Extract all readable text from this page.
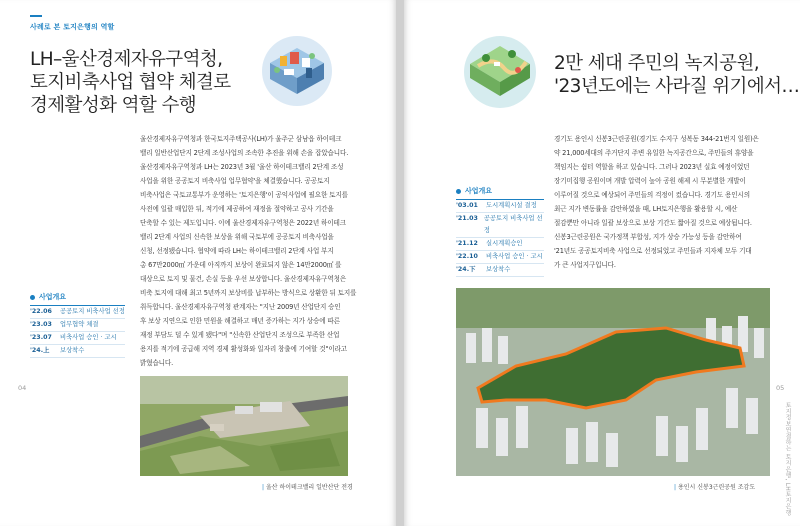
사례로 본 토지은행의 역할
LH–울산경제자유구역청,
토지비축사업 협약 체결로
경제활성화 역할 수행

울산경제자유구역청과 한국토지주택공사(LH)가 울주군 삼남읍 하이테크

밸리 일반산업단지 2단계 조성사업의 조속한 추진을 위해 손을 잡았습니다.

울산경제자유구역청과 LH는 2023년 3월 '울산 하이테크밸리 2단계 조성

사업을 위한 공공토지 비축사업 업무협약'을 체결했습니다. 공공토지

비축사업은 국토교통부가 운영하는 '토지은행'이 공익사업에 필요한 토지를

사전에 일괄 매입한 뒤, 적기에 제공하여 재정을 절약하고 공사 기간을

단축할 수 있는 제도입니다. 이에 울산경제자유구역청은 2022년 하이테크

밸리 2단계 사업의 신속한 보상을 위해 국토부에 공공토지 비축사업을

신청, 선정됐습니다. 협약에 따라 LH는 하이테크밸리 2단계 사업 부지

총 67만2000㎡ 가운데 아직까지 보상이 완료되지 않은 14만2000㎡ 를

대상으로 토지 및 물건, 손실 등을 우선 보상합니다. 울산경제자유구역청은

비축 토지에 대해 최고 5년까지 보상비를 납부하는 방식으로 상환한 뒤 토지를

취득합니다. 울산경제자유구역청 관계자는 "지난 2009년 산업단지 승인

후 보상 지연으로 인한 민원을 해결하고 매년 증가하는 지가 상승에 따른

재정 부담도 덜 수 있게 됐다"며 "신속한 산업단지 조성으로 부족한 산업

용지를 적기에 공급해 지역 경제 활성화와 일자리 창출에 기여할 것"이라고

밝혔습니다.

사업개요
'22.06	공공토지 비축사업 선정
'23.03	업무협약 체결
'23.07	비축사업 승인 · 고시
'24.上	보상착수
04
| 울산 하이테크밸리 일반산단 전경
2만 세대 주민의 녹지공원,
'23년도에는 사라질 위기에서…

경기도 용인시 신봉3근린공원(경기도 수지구 성복동 344-21번지 일원)은

약 21,000세대의 주거단지 주변 유일한 녹지공간으로, 주민들의 휴양을

책임지는 쉼터 역할을 하고 있습니다. 그러나 2023년 실효 예정이었던

장기미집행 공원이며 개발 압력이 높아 공원 해제 시 무분별한 개발이

이루어질 것으로 예상되어 주민들의 걱정이 컸습니다. 경기도 용인시의

최근 지가 변동률을 감안하였을 때, LH토지은행을 활용할 시, 예산

절감뿐만 아니라 일괄 보상으로 보상 기간도 짧아질 것으로 예상됩니다.

신봉3근린공원은 국가정책 부합성, 지가 상승 가능성 등을 감안하여

'21년도 공공토지비축 사업으로 선정되었고 주민들과 지자체 모두 기대

가 큰 사업지구입니다.

사업개요
'03.01	도시계획시설 결정
'21.03 공공토지 비축사업 선정
'21.12	실시계획승인
'22.10	비축사업 승인 · 고시
'24.下	보상착수
| 용인시 신봉3근린공원 조감도
05
토지정보연결하는 토지은행, LH토지은행
